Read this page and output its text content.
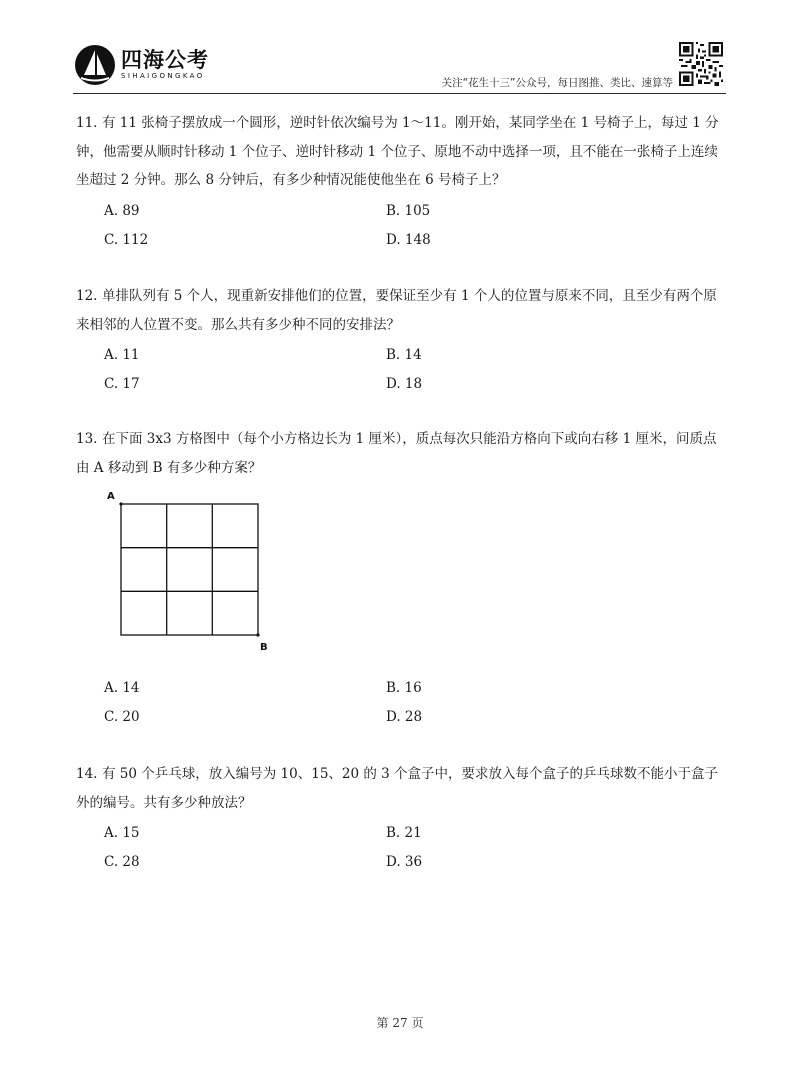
四海公考
SIHAIGONGKAO
关注“花生十三”公众号，每日图推、类比、速算等
11. 有 11 张椅子摆放成一个圆形，逆时针依次编号为 1～11。刚开始，某同学坐在 1 号椅子上，每过 1 分钟，他需要从顺时针移动 1 个位子、逆时针移动 1 个位子、原地不动中选择一项，且不能在一张椅子上连续坐超过 2 分钟。那么 8 分钟后，有多少种情况能使他坐在 6 号椅子上？
A. 89	B. 105
C. 112	D. 148
12. 单排队列有 5 个人，现重新安排他们的位置，要保证至少有 1 个人的位置与原来不同，且至少有两个原来相邻的人位置不变。那么共有多少种不同的安排法？
A. 11	B. 14
C. 17	D. 18
13. 在下面 3x3 方格图中（每个小方格边长为 1 厘米），质点每次只能沿方格向下或向右移 1 厘米，问质点由 A 移动到 B 有多少种方案？
A
B
A. 14	B. 16
C. 20	D. 28
14. 有 50 个乒乓球，放入编号为 10、15、20 的 3 个盒子中，要求放入每个盒子的乒乓球数不能小于盒子外的编号。共有多少种放法？
A. 15	B. 21
C. 28	D. 36
第 27 页
